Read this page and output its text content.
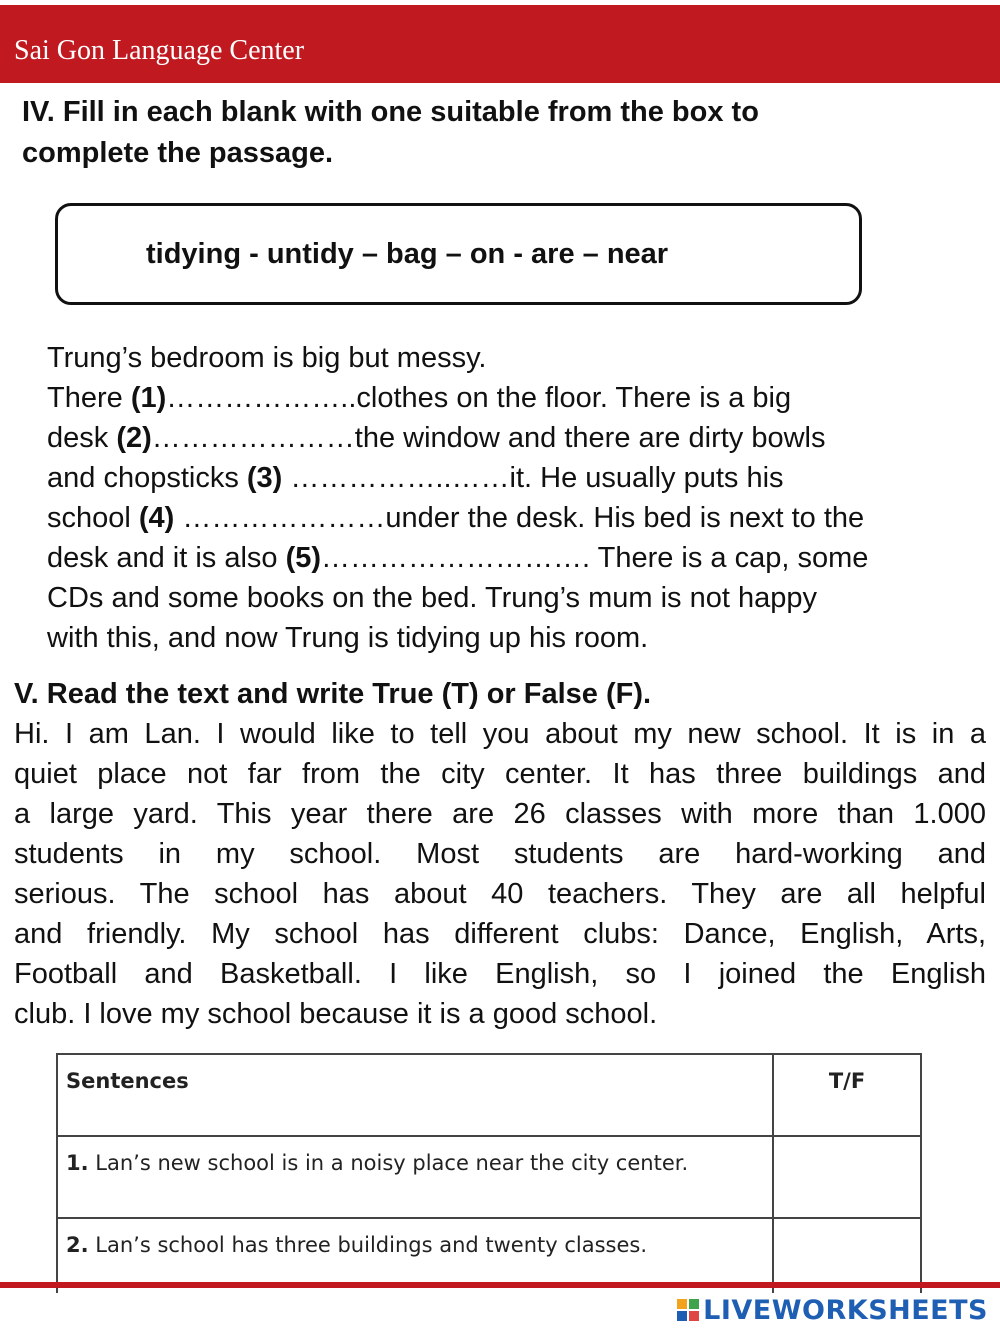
Sai Gon Language Center
IV. Fill in each blank with one suitable from the box to
complete the passage.
tidying - untidy – bag – on - are – near
Trung’s bedroom is big but messy.
There (1)………………..clothes on the floor. There is a big
desk (2)…………………the window and there are dirty bowls
and chopsticks (3) ……………..……it. He usually puts his
school (4) …………………under the desk. His bed is next to the
desk and it is also (5)………………………. There is a cap, some
CDs and some books on the bed. Trung’s mum is not happy
with this, and now Trung is tidying up his room.
V. Read the text and write True (T) or False (F).
Hi. I am Lan. I would like to tell you about my new school. It is in a
quiet place not far from the city center. It has three buildings and
a large yard. This year there are 26 classes with more than 1.000
students in my school. Most students are hard-working and
serious. The school has about 40 teachers. They are all helpful
and friendly. My school has different clubs: Dance, English, Arts,
Football and Basketball. I like English, so I joined the English
club. I love my school because it is a good school.
Sentences	T/F
1. Lan’s new school is in a noisy place near the city center.	
2. Lan’s school has three buildings and twenty classes.	
LIVEWORKSHEETS
